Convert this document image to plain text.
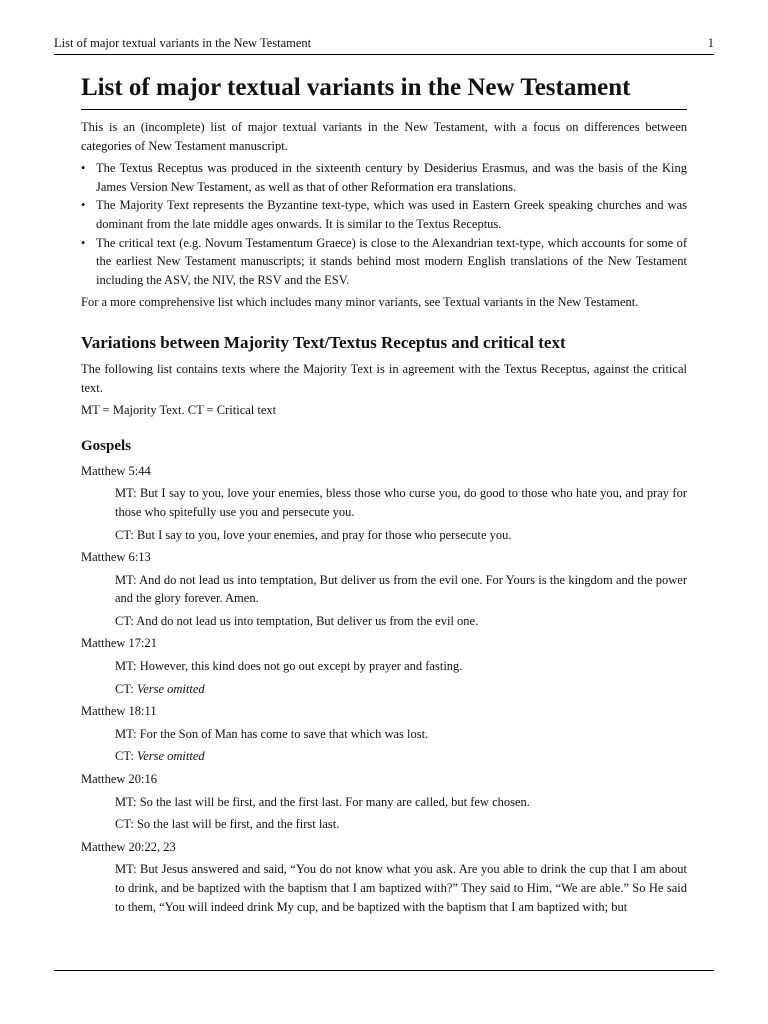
List of major textual variants in the New Testament	1
List of major textual variants in the New Testament

This is an (incomplete) list of major textual variants in the New Testament, with a focus on differences between categories of New Testament manuscript.

• The Textus Receptus was produced in the sixteenth century by Desiderius Erasmus, and was the basis of the King James Version New Testament, as well as that of other Reformation era translations.
• The Majority Text represents the Byzantine text-type, which was used in Eastern Greek speaking churches and was dominant from the late middle ages onwards. It is similar to the Textus Receptus.
• The critical text (e.g. Novum Testamentum Graece) is close to the Alexandrian text-type, which accounts for some of the earliest New Testament manuscripts; it stands behind most modern English translations of the New Testament including the ASV, the NIV, the RSV and the ESV.

For a more comprehensive list which includes many minor variants, see Textual variants in the New Testament.

Variations between Majority Text/Textus Receptus and critical text

The following list contains texts where the Majority Text is in agreement with the Textus Receptus, against the critical text.

MT = Majority Text. CT = Critical text

Gospels

Matthew 5:44

MT: But I say to you, love your enemies, bless those who curse you, do good to those who hate you, and pray for those who spitefully use you and persecute you.

CT: But I say to you, love your enemies, and pray for those who persecute you.

Matthew 6:13

MT: And do not lead us into temptation, But deliver us from the evil one. For Yours is the kingdom and the power and the glory forever. Amen.

CT: And do not lead us into temptation, But deliver us from the evil one.

Matthew 17:21

MT: However, this kind does not go out except by prayer and fasting.

CT: Verse omitted

Matthew 18:11

MT: For the Son of Man has come to save that which was lost.

CT: Verse omitted

Matthew 20:16

MT: So the last will be first, and the first last. For many are called, but few chosen.

CT: So the last will be first, and the first last.

Matthew 20:22, 23

MT: But Jesus answered and said, “You do not know what you ask. Are you able to drink the cup that I am about to drink, and be baptized with the baptism that I am baptized with?” They said to Him, “We are able.” So He said to them, “You will indeed drink My cup, and be baptized with the baptism that I am baptized with; but
